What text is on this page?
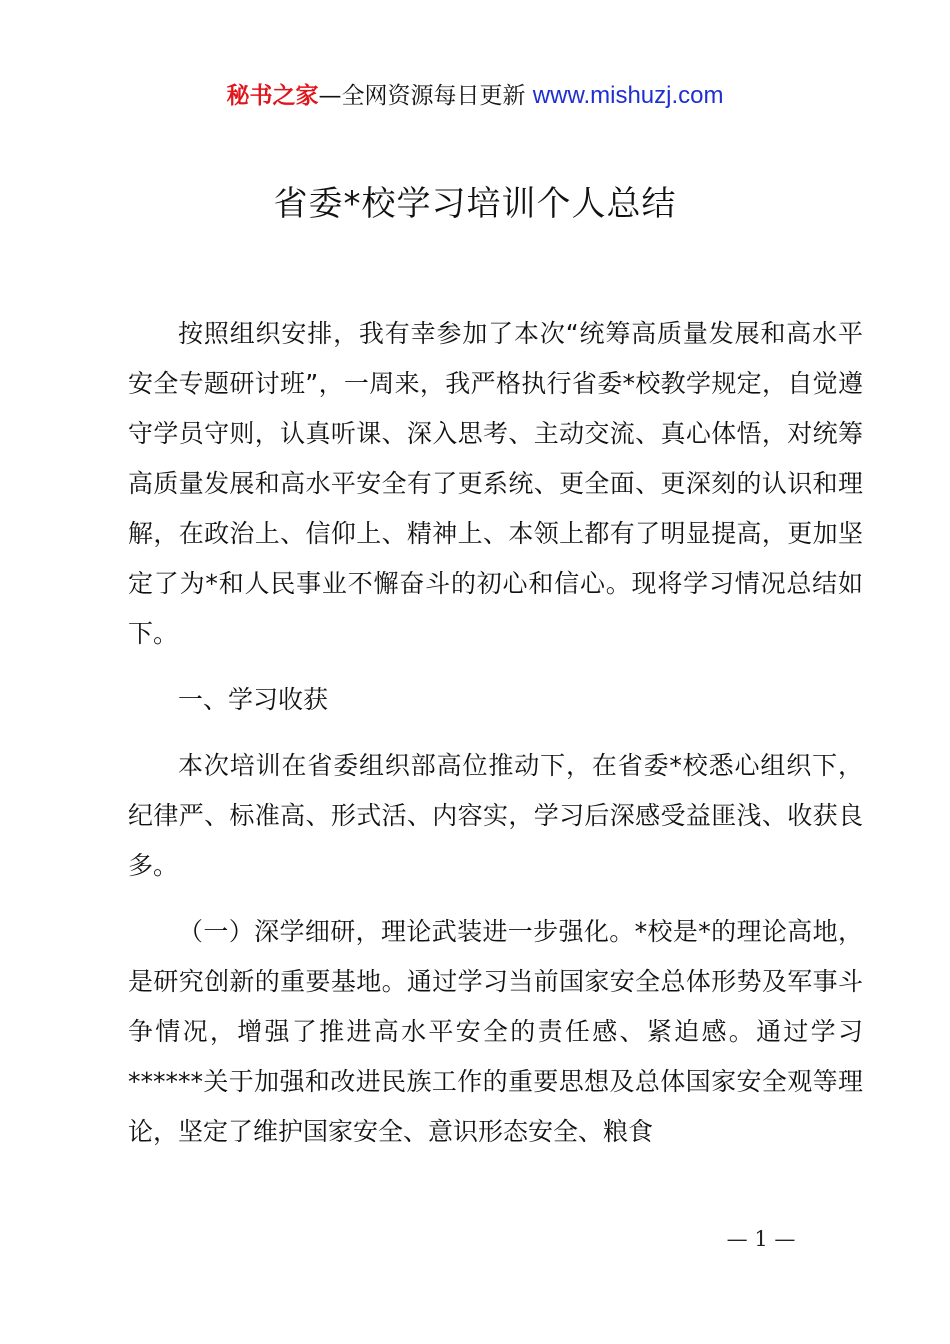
秘书之家—全网资源每日更新 www.mishuzj.com
省委*校学习培训个人总结

按照组织安排，我有幸参加了本次“统筹高质量发展和高水平安全专题研讨班”，一周来，我严格执行省委*校教学规定，自觉遵守学员守则，认真听课、深入思考、主动交流、真心体悟，对统筹高质量发展和高水平安全有了更系统、更全面、更深刻的认识和理解，在政治上、信仰上、精神上、本领上都有了明显提高，更加坚定了为*和人民事业不懈奋斗的初心和信心。现将学习情况总结如下。

一、学习收获

本次培训在省委组织部高位推动下，在省委*校悉心组织下，纪律严、标准高、形式活、内容实，学习后深感受益匪浅、收获良多。

（一）深学细研，理论武装进一步强化。*校是*的理论高地，是研究创新的重要基地。通过学习当前国家安全总体形势及军事斗争情况，增强了推进高水平安全的责任感、紧迫感。通过学习******关于加强和改进民族工作的重要思想及总体国家安全观等理论，坚定了维护国家安全、意识形态安全、粮食

— 1 —
